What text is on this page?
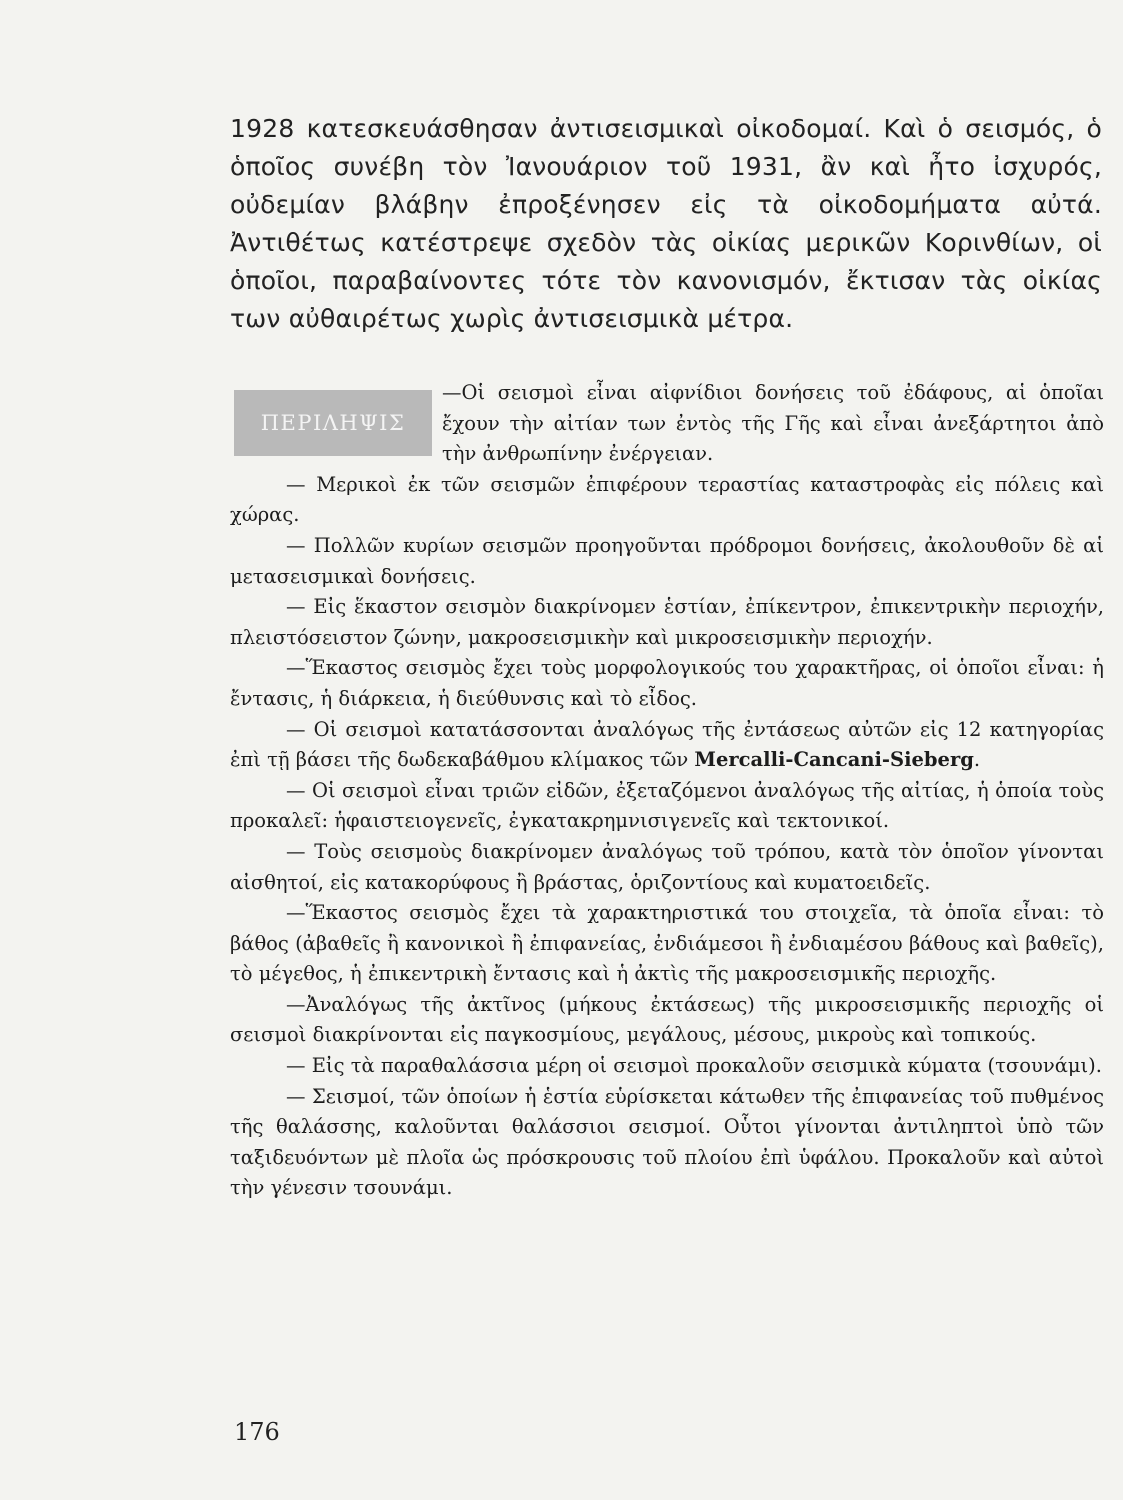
1928 κατεσκευάσθησαν ἀντισεισμικαὶ οἰκοδομαί. Καὶ ὁ σεισμός, ὁ ὁποῖος συνέβη τὸν Ἰανουάριον τοῦ 1931, ἂν καὶ ἦτο ἰσχυρός, οὐδεμίαν βλάβην ἐπροξένησεν εἰς τὰ οἰκοδομήματα αὐτά. Ἀντιθέτως κατέστρεψε σχεδὸν τὰς οἰκίας μερικῶν Κορινθίων, οἱ ὁποῖοι, παραβαίνοντες τότε τὸν κανονισμόν, ἔκτισαν τὰς οἰκίας των αὐθαιρέτως χωρὶς ἀντισεισμικὰ μέτρα.

ΠΕΡΙΛΗΨΙΣ

—Οἱ σεισμοὶ εἶναι αἰφνίδιοι δονήσεις τοῦ ἐδάφους, αἱ ὁποῖαι ἔχουν τὴν αἰτίαν των ἐντὸς τῆς Γῆς καὶ εἶναι ἀνεξάρτητοι ἀπὸ τὴν ἀνθρωπίνην ἐνέργειαν.

— Μερικοὶ ἐκ τῶν σεισμῶν ἐπιφέρουν τεραστίας καταστροφὰς εἰς πόλεις καὶ χώρας.

— Πολλῶν κυρίων σεισμῶν προηγοῦνται πρόδρομοι δονήσεις, ἀκολουθοῦν δὲ αἱ μετασεισμικαὶ δονήσεις.

— Εἰς ἕκαστον σεισμὸν διακρίνομεν ἑστίαν, ἐπίκεντρον, ἐπικεντρικὴν περιοχήν, πλειστόσειστον ζώνην, μακροσεισμικὴν καὶ μικροσεισμικὴν περιοχήν.

—Ἕκαστος σεισμὸς ἔχει τοὺς μορφολογικούς του χαρακτῆρας, οἱ ὁποῖοι εἶναι: ἡ ἔντασις, ἡ διάρκεια, ἡ διεύθυνσις καὶ τὸ εἶδος.

— Οἱ σεισμοὶ κατατάσσονται ἀναλόγως τῆς ἐντάσεως αὐτῶν εἰς 12 κατηγορίας ἐπὶ τῇ βάσει τῆς δωδεκαβάθμου κλίμακος τῶν Mercalli-Cancani-Sieberg.

— Οἱ σεισμοὶ εἶναι τριῶν εἰδῶν, ἐξεταζόμενοι ἀναλόγως τῆς αἰτίας, ἡ ὁποία τοὺς προκαλεῖ: ἡφαιστειογενεῖς, ἐγκατακρημνισιγενεῖς καὶ τεκτονικοί.

— Τοὺς σεισμοὺς διακρίνομεν ἀναλόγως τοῦ τρόπου, κατὰ τὸν ὁποῖον γίνονται αἰσθητοί, εἰς κατακορύφους ἢ βράστας, ὁριζοντίους καὶ κυματοειδεῖς.

—Ἕκαστος σεισμὸς ἔχει τὰ χαρακτηριστικά του στοιχεῖα, τὰ ὁποῖα εἶναι: τὸ βάθος (ἀβαθεῖς ἢ κανονικοὶ ἢ ἐπιφανείας, ἐνδιάμεσοι ἢ ἐνδιαμέσου βάθους καὶ βαθεῖς), τὸ μέγεθος, ἡ ἐπικεντρικὴ ἔντασις καὶ ἡ ἀκτὶς τῆς μακροσεισμικῆς περιοχῆς.

—Ἀναλόγως τῆς ἀκτῖνος (μήκους ἐκτάσεως) τῆς μικροσεισμικῆς περιοχῆς οἱ σεισμοὶ διακρίνονται εἰς παγκοσμίους, μεγάλους, μέσους, μικροὺς καὶ τοπικούς.

— Εἰς τὰ παραθαλάσσια μέρη οἱ σεισμοὶ προκαλοῦν σεισμικὰ κύματα (τσουνάμι).

— Σεισμοί, τῶν ὁποίων ἡ ἑστία εὑρίσκεται κάτωθεν τῆς ἐπιφανείας τοῦ πυθμένος τῆς θαλάσσης, καλοῦνται θαλάσσιοι σεισμοί. Οὗτοι γίνονται ἀντιληπτοὶ ὑπὸ τῶν ταξιδευόντων μὲ πλοῖα ὡς πρόσκρουσις τοῦ πλοίου ἐπὶ ὑφάλου. Προκαλοῦν καὶ αὐτοὶ τὴν γένεσιν τσουνάμι.

176
